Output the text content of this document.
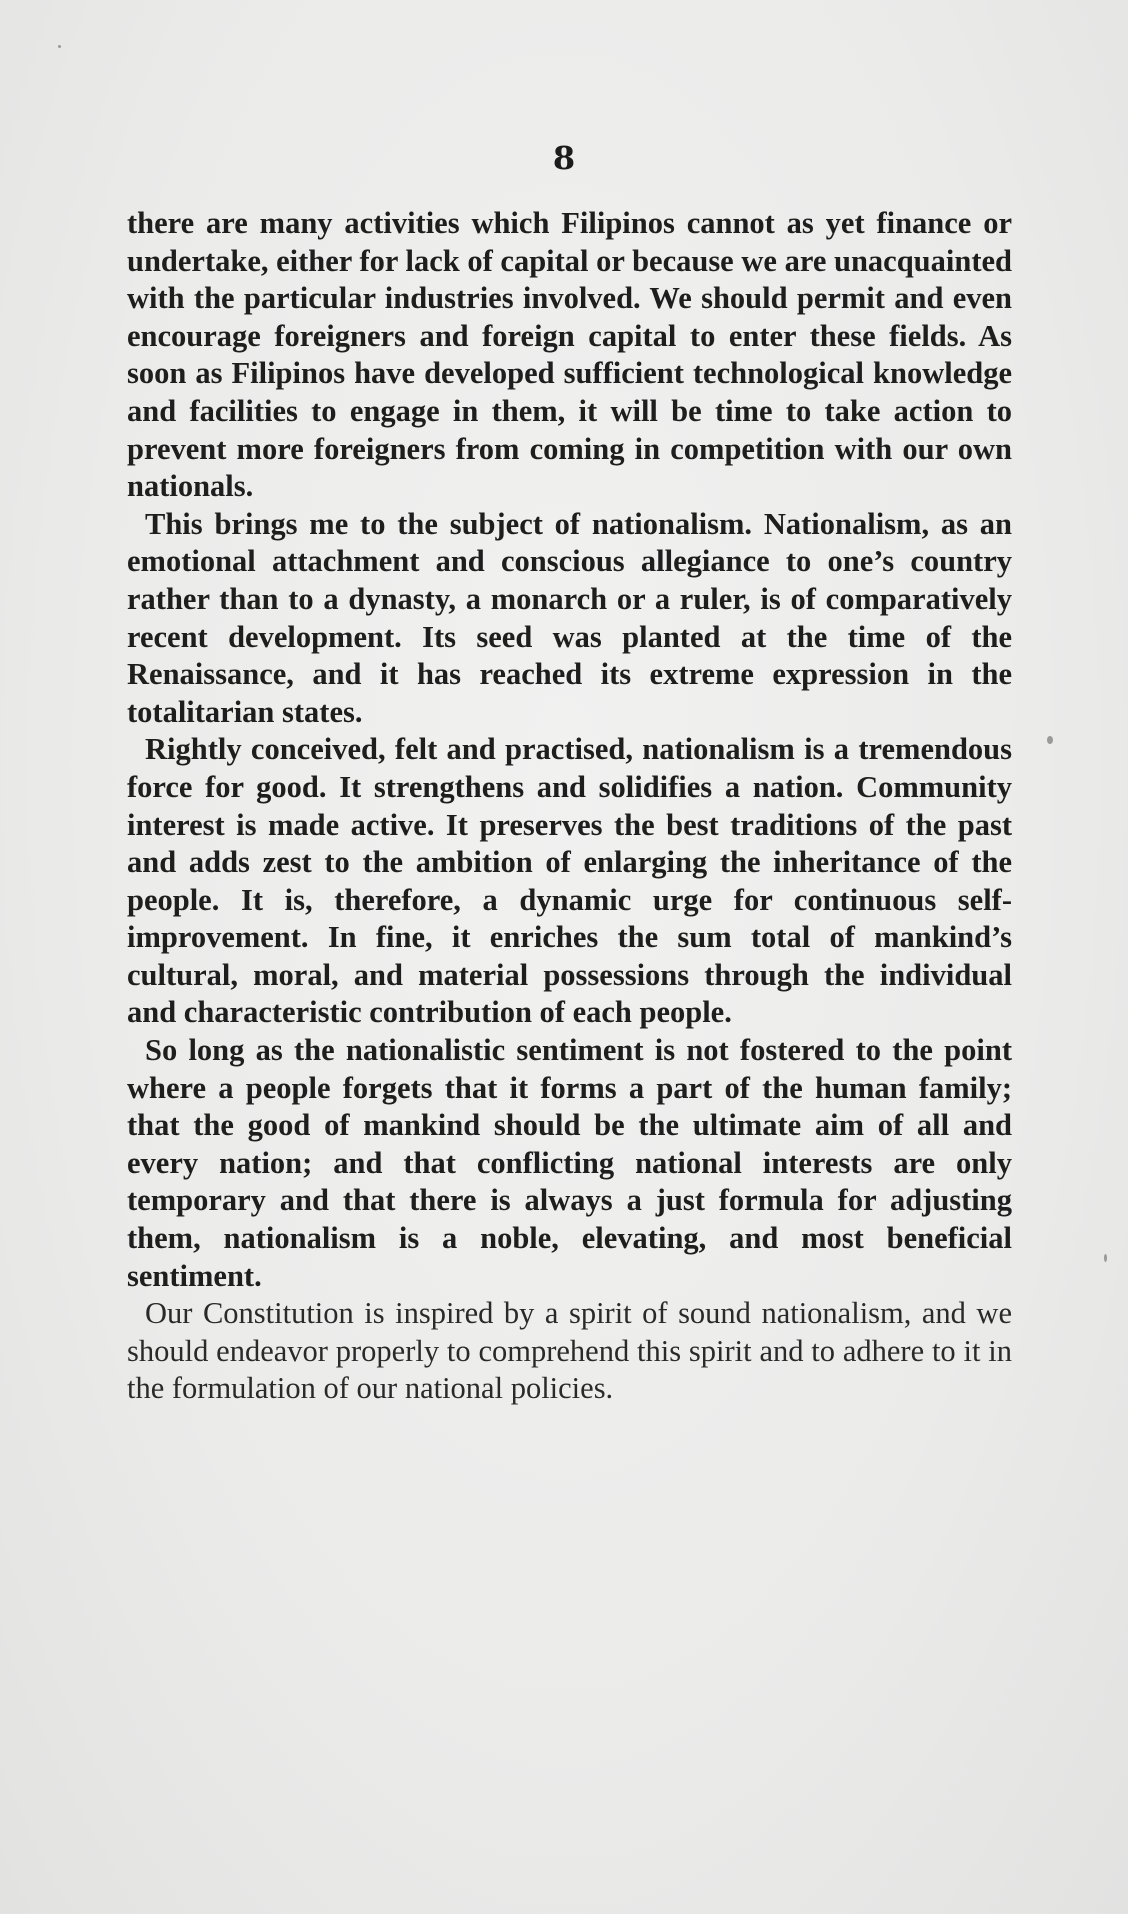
8

there are many activities which Filipinos cannot as yet finance or undertake, either for lack of capital or because we are unacquainted with the particular industries involved. We should permit and even encourage foreigners and foreign capital to enter these fields. As soon as Filipinos have developed sufficient technological knowledge and facilities to engage in them, it will be time to take action to prevent more foreigners from coming in competition with our own nationals.

This brings me to the subject of nationalism. Nationalism, as an emotional attachment and conscious allegiance to one’s country rather than to a dynasty, a monarch or a ruler, is of comparatively recent development. Its seed was planted at the time of the Renaissance, and it has reached its extreme expression in the totalitarian states.

Rightly conceived, felt and practised, nationalism is a tremendous force for good. It strengthens and solidifies a nation. Community interest is made active. It preserves the best traditions of the past and adds zest to the ambition of enlarging the inheritance of the people. It is, therefore, a dynamic urge for continuous self-improvement. In fine, it enriches the sum total of mankind’s cultural, moral, and material possessions through the individual and characteristic contribution of each people.

So long as the nationalistic sentiment is not fostered to the point where a people forgets that it forms a part of the human family; that the good of mankind should be the ultimate aim of all and every nation; and that conflicting national interests are only temporary and that there is always a just formula for adjusting them, nationalism is a noble, elevating, and most beneficial sentiment.

Our Constitution is inspired by a spirit of sound nationalism, and we should endeavor properly to comprehend this spirit and to adhere to it in the formulation of our national policies.
